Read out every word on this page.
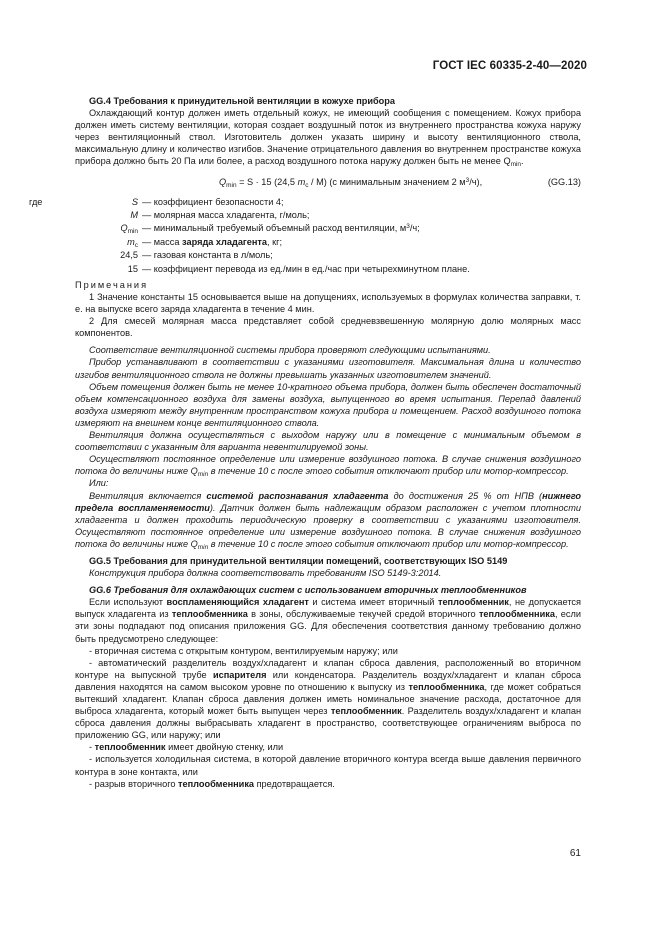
ГОСТ IEC 60335-2-40—2020

GG.4 Требования к принудительной вентиляции в кожухе прибора

Охлаждающий контур должен иметь отдельный кожух, не имеющий сообщения с помещением. Кожух прибора должен иметь систему вентиляции, которая создает воздушный поток из внутреннего пространства кожуха наружу через вентиляционный ствол. Изготовитель должен указать ширину и высоту вентиляционного ствола, максимальную длину и количество изгибов. Значение отрицательного давления во внутреннем пространстве кожуха прибора должно быть 20 Па или более, а расход воздушного потока наружу должен быть не менее $Q_{min}$.

$Q_{min} = S \cdot 15$ (24,5 $m_c / M$) (с минимальным значением 2 $м^3/ч$),	(GG.13)
где	S — коэффициент безопасности 4;
M — молярная масса хладагента, г/моль;
$Q_{min}$ — минимальный требуемый объемный расход вентиляции, $м^3/ч$;
$m_c$ — масса заряда хладагента, кг;
24,5 — газовая константа в л/моль;
15 — коэффициент перевода из ед./мин в ед./час при четырехминутном плане.

Примечания

1 Значение константы 15 основывается выше на допущениях, используемых в формулах количества заправки, т. е. на выпуске всего заряда хладагента в течение 4 мин.

2 Для смесей молярная масса представляет собой средневзвешенную молярную долю молярных масс компонентов.

Соответствие вентиляционной системы прибора проверяют следующими испытаниями.

Прибор устанавливают в соответствии с указаниями изготовителя. Максимальная длина и количество изгибов вентиляционного ствола не должны превышать указанных изготовителем значений.

Объем помещения должен быть не менее 10-кратного объема прибора, должен быть обеспечен достаточный объем компенсационного воздуха для замены воздуха, выпущенного во время испытания. Перепад давлений воздуха измеряют между внутренним пространством кожуха прибора и помещением. Расход воздушного потока измеряют на внешнем конце вентиляционного ствола.

Вентиляция должна осуществляться с выходом наружу или в помещение с минимальным объемом в соответствии с указанным для варианта невентилируемой зоны.

Осуществляют постоянное определение или измерение воздушного потока. В случае снижения воздушного потока до величины ниже $Q_{min}$ в течение 10 с после этого события отключают прибор или мотор-компрессор.

Или:

Вентиляция включается системой распознавания хладагента до достижения 25 % от НПВ (нижнего предела воспламеняемости). Датчик должен быть надлежащим образом расположен с учетом плотности хладагента и должен проходить периодическую проверку в соответствии с указаниями изготовителя. Осуществляют постоянное определение или измерение воздушного потока. В случае снижения воздушного потока до величины ниже $Q_{min}$ в течение 10 с после этого события отключают прибор или мотор-компрессор.

GG.5 Требования для принудительной вентиляции помещений, соответствующих ISO 5149

Конструкция прибора должна соответствовать требованиям ISO 5149-3:2014.

GG.6 Требования для охлаждающих систем с использованием вторичных теплообменников

Если используют воспламеняющийся хладагент и система имеет вторичный теплообменник, не допускается выпуск хладагента из теплообменника в зоны, обслуживаемые текучей средой вторичного теплообменника, если эти зоны подпадают под описания приложения GG. Для обеспечения соответствия данному требованию должно быть предусмотрено следующее:

- вторичная система с открытым контуром, вентилируемым наружу; или

- автоматический разделитель воздух/хладагент и клапан сброса давления, расположенный во вторичном контуре на выпускной трубе испарителя или конденсатора. Разделитель воздух/хладагент и клапан сброса давления находятся на самом высоком уровне по отношению к выпуску из теплообменника, где может собраться вытекший хладагент. Клапан сброса давления должен иметь номинальное значение расхода, достаточное для выброса хладагента, который может быть выпущен через теплообменник. Разделитель воздух/хладагент и клапан сброса давления должны выбрасывать хладагент в пространство, соответствующее ограничениям выброса по приложению GG, или наружу; или

- теплообменник имеет двойную стенку, или

- используется холодильная система, в которой давление вторичного контура всегда выше давления первичного контура в зоне контакта, или

- разрыв вторичного теплообменника предотвращается.

61
